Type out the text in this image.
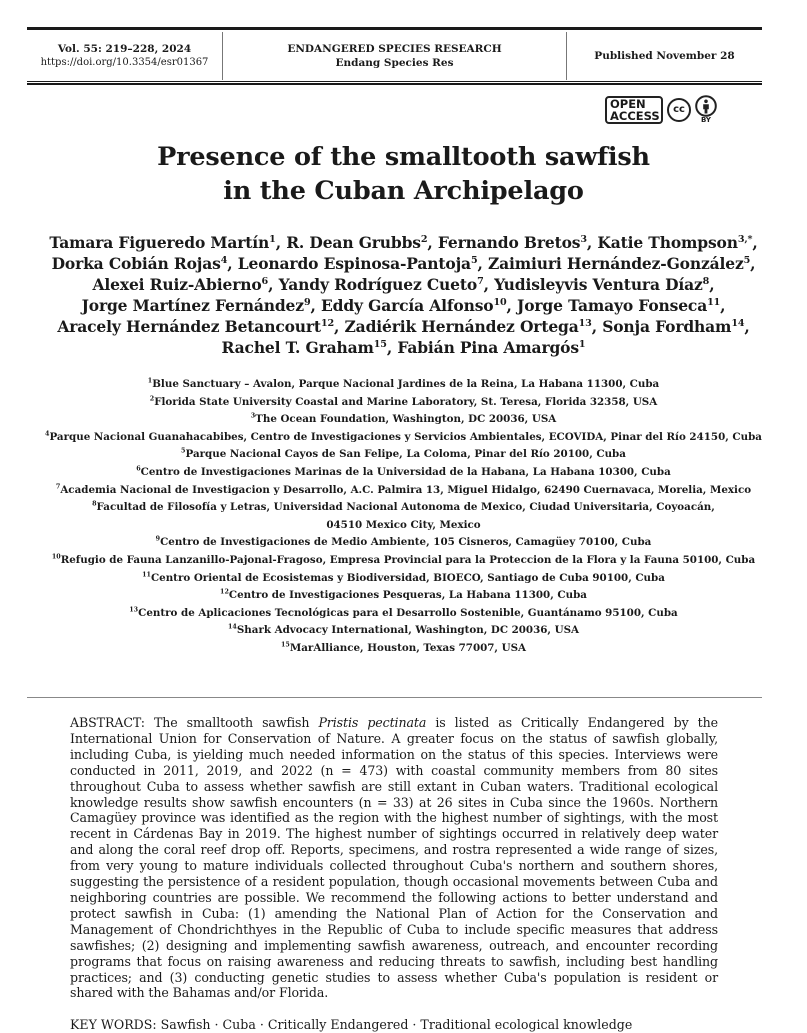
Vol. 55: 219–228, 2024
https://doi.org/10.3354/esr01367
ENDANGERED SPECIES RESEARCH
Endang Species Res
Published November 28
OPEN
ACCESS	cc
BY
Presence of the smalltooth sawfish
in the Cuban Archipelago
Tamara Figueredo Martín$^1$, R. Dean Grubbs$^2$, Fernando Bretos$^3$, Katie Thompson$^{3,*}$,
Dorka Cobián Rojas$^4$, Leonardo Espinosa-Pantoja$^5$, Zaimiuri Hernández-González$^5$,
Alexei Ruiz-Abierno$^6$, Yandy Rodríguez Cueto$^7$, Yudisleyvis Ventura Díaz$^8$,
Jorge Martínez Fernández$^9$, Eddy García Alfonso$^{10}$, Jorge Tamayo Fonseca$^{11}$,
Aracely Hernández Betancourt$^{12}$, Zadiérik Hernández Ortega$^{13}$, Sonja Fordham$^{14}$,
Rachel T. Graham$^{15}$, Fabián Pina Amargós$^1$
$^1$Blue Sanctuary – Avalon, Parque Nacional Jardines de la Reina, La Habana 11300, Cuba
$^2$Florida State University Coastal and Marine Laboratory, St. Teresa, Florida 32358, USA
$^3$The Ocean Foundation, Washington, DC 20036, USA
$^4$Parque Nacional Guanahacabibes, Centro de Investigaciones y Servicios Ambientales, ECOVIDA, Pinar del Río 24150, Cuba
$^5$Parque Nacional Cayos de San Felipe, La Coloma, Pinar del Río 20100, Cuba
$^6$Centro de Investigaciones Marinas de la Universidad de la Habana, La Habana 10300, Cuba
$^7$Academia Nacional de Investigacion y Desarrollo, A.C. Palmira 13, Miguel Hidalgo, 62490 Cuernavaca, Morelia, Mexico
$^8$Facultad de Filosofía y Letras, Universidad Nacional Autonoma de Mexico, Ciudad Universitaria, Coyoacán,
04510 Mexico City, Mexico
$^9$Centro de Investigaciones de Medio Ambiente, 105 Cisneros, Camagüey 70100, Cuba
$^{10}$Refugio de Fauna Lanzanillo-Pajonal-Fragoso, Empresa Provincial para la Proteccion de la Flora y la Fauna 50100, Cuba
$^{11}$Centro Oriental de Ecosistemas y Biodiversidad, BIOECO, Santiago de Cuba 90100, Cuba
$^{12}$Centro de Investigaciones Pesqueras, La Habana 11300, Cuba
$^{13}$Centro de Aplicaciones Tecnológicas para el Desarrollo Sostenible, Guantánamo 95100, Cuba
$^{14}$Shark Advocacy International, Washington, DC 20036, USA
$^{15}$MarAlliance, Houston, Texas 77007, USA
ABSTRACT: The smalltooth sawfish Pristis pectinata is listed as Critically Endangered by the International Union for Conservation of Nature. A greater focus on the status of sawfish globally, including Cuba, is yielding much needed information on the status of this species. Interviews were conducted in 2011, 2019, and 2022 (n = 473) with coastal community members from 80 sites throughout Cuba to assess whether sawfish are still extant in Cuban waters. Traditional ecological knowledge results show sawfish encounters (n = 33) at 26 sites in Cuba since the 1960s. Northern Camagüey province was identified as the region with the highest number of sightings, with the most recent in Cárdenas Bay in 2019. The highest number of sightings occurred in relatively deep water and along the coral reef drop off. Reports, specimens, and rostra represented a wide range of sizes, from very young to mature individuals collected throughout Cuba's northern and southern shores, suggesting the persistence of a resident population, though occasional movements between Cuba and neighboring countries are possible. We recommend the following actions to better understand and protect sawfish in Cuba: (1) amending the National Plan of Action for the Conservation and Management of Chondrichthyes in the Republic of Cuba to include specific measures that address sawfishes; (2) designing and implementing sawfish awareness, outreach, and encounter recording programs that focus on raising awareness and reducing threats to sawfish, including best handling practices; and (3) conducting genetic studies to assess whether Cuba's population is resident or shared with the Bahamas and/or Florida.
KEY WORDS: Sawfish · Cuba · Critically Endangered · Traditional ecological knowledge
